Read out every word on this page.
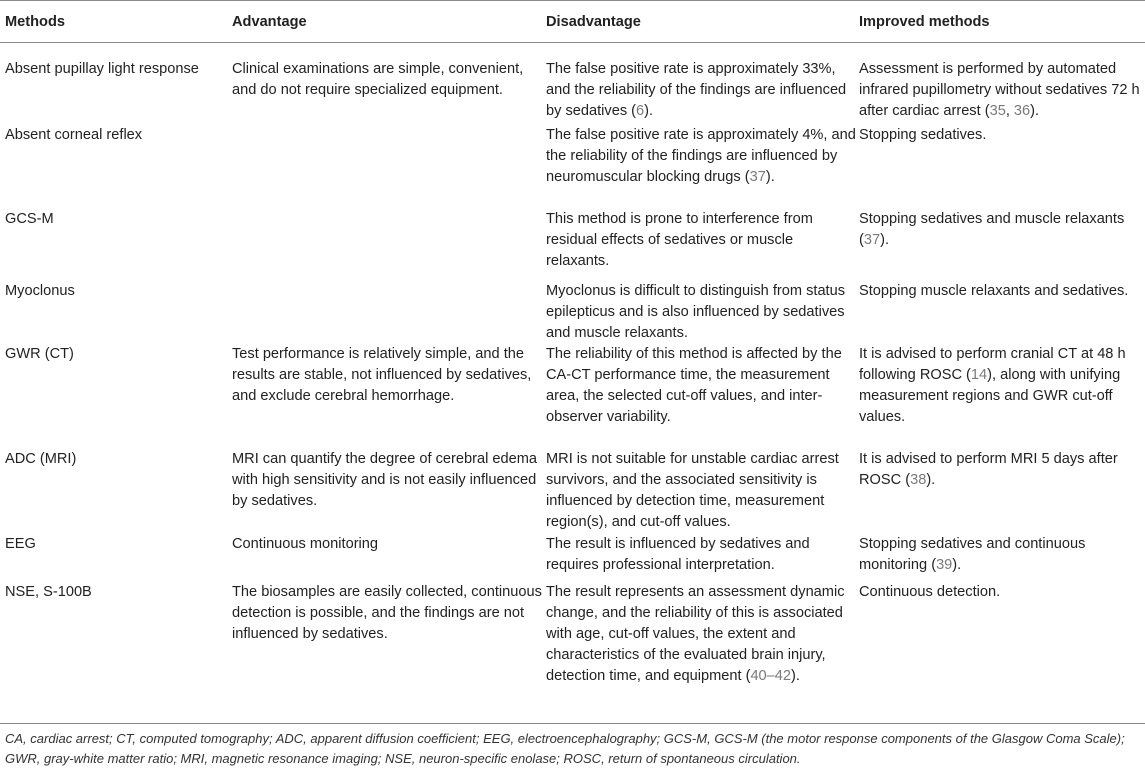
Methods	Advantage	Disadvantage	Improved methods
Absent pupillay light response	Clinical examinations are simple, convenient, and do not require specialized equipment.	The false positive rate is approximately 33%, and the reliability of the findings are influenced by sedatives (6).	Assessment is performed by automated infrared pupillometry without sedatives 72 h after cardiac arrest (35, 36).
Absent corneal reflex		The false positive rate is approximately 4%, and the reliability of the findings are influenced by neuromuscular blocking drugs (37).	Stopping sedatives.
GCS-M		This method is prone to interference from residual effects of sedatives or muscle relaxants.	Stopping sedatives and muscle relaxants (37).
Myoclonus		Myoclonus is difficult to distinguish from status epilepticus and is also influenced by sedatives and muscle relaxants.	Stopping muscle relaxants and sedatives.
GWR (CT)	Test performance is relatively simple, and the results are stable, not influenced by sedatives, and exclude cerebral hemorrhage.	The reliability of this method is affected by the CA-CT performance time, the measurement area, the selected cut-off values, and inter-observer variability.	It is advised to perform cranial CT at 48 h following ROSC (14), along with unifying measurement regions and GWR cut-off values.
ADC (MRI)	MRI can quantify the degree of cerebral edema with high sensitivity and is not easily influenced by sedatives.	MRI is not suitable for unstable cardiac arrest survivors, and the associated sensitivity is influenced by detection time, measurement region(s), and cut-off values.	It is advised to perform MRI 5 days after ROSC (38).
EEG	Continuous monitoring	The result is influenced by sedatives and requires professional interpretation.	Stopping sedatives and continuous monitoring (39).
NSE, S-100B	The biosamples are easily collected, continuous detection is possible, and the findings are not influenced by sedatives.	The result represents an assessment dynamic change, and the reliability of this is associated with age, cut-off values, the extent and characteristics of the evaluated brain injury, detection time, and equipment (40–42).	Continuous detection.
CA, cardiac arrest; CT, computed tomography; ADC, apparent diffusion coefficient; EEG, electroencephalography; GCS-M, GCS-M (the motor response components of the Glasgow Coma Scale); GWR, gray-white matter ratio; MRI, magnetic resonance imaging; NSE, neuron-specific enolase; ROSC, return of spontaneous circulation.
